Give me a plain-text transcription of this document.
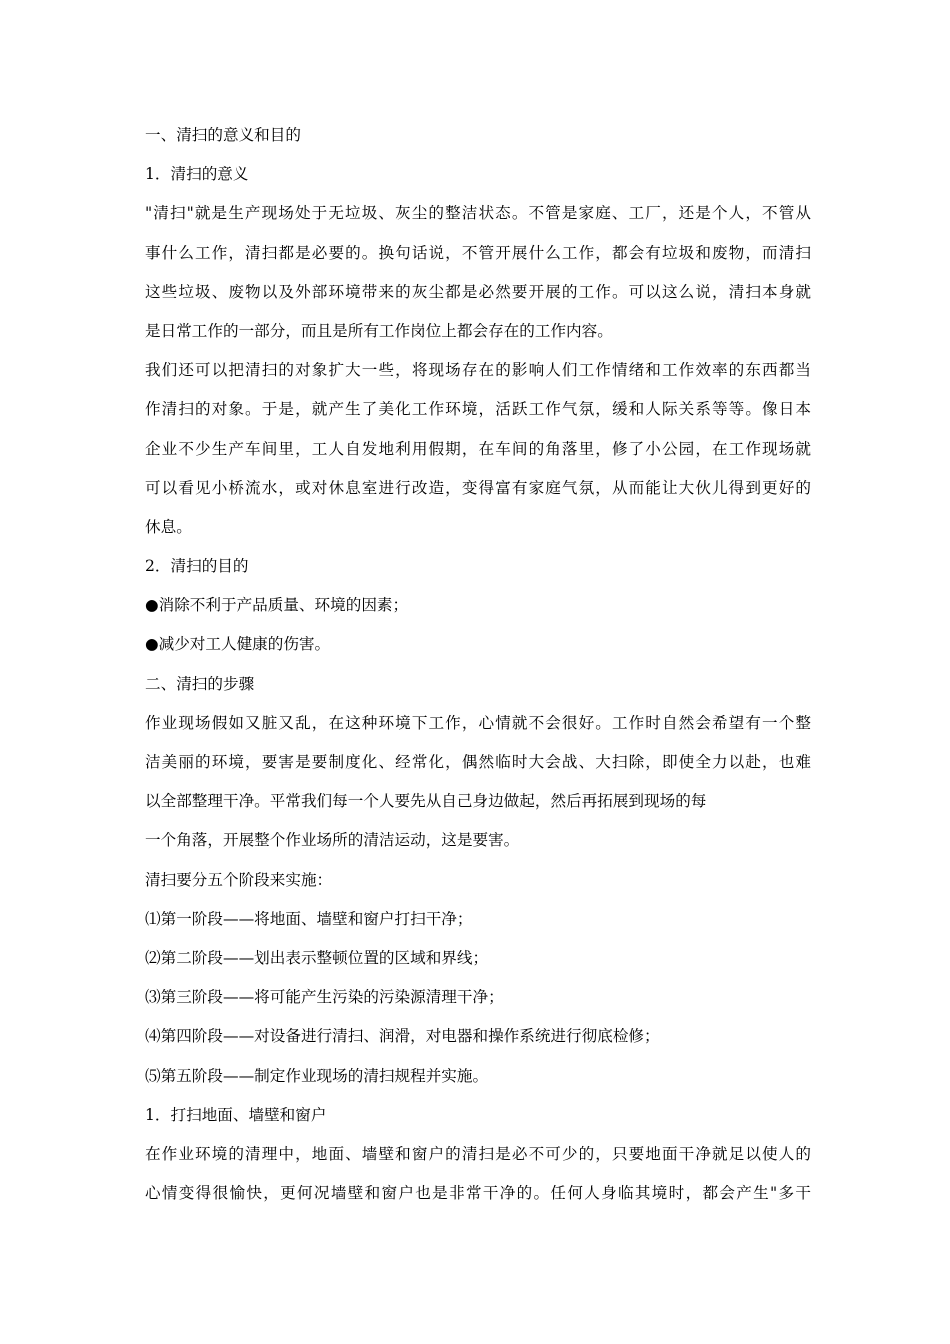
一、清扫的意义和目的
1．清扫的意义
"清扫"就是生产现场处于无垃圾、灰尘的整洁状态。不管是家庭、工厂，还是个人，不管从
事什么工作，清扫都是必要的。换句话说，不管开展什么工作，都会有垃圾和废物，而清扫
这些垃圾、废物以及外部环境带来的灰尘都是必然要开展的工作。可以这么说，清扫本身就
是日常工作的一部分，而且是所有工作岗位上都会存在的工作内容。
我们还可以把清扫的对象扩大一些，将现场存在的影响人们工作情绪和工作效率的东西都当
作清扫的对象。于是，就产生了美化工作环境，活跃工作气氛，缓和人际关系等等。像日本
企业不少生产车间里，工人自发地利用假期，在车间的角落里，修了小公园，在工作现场就
可以看见小桥流水，或对休息室进行改造，变得富有家庭气氛，从而能让大伙儿得到更好的
休息。
2．清扫的目的
●消除不利于产品质量、环境的因素；
●减少对工人健康的伤害。
二、清扫的步骤
作业现场假如又脏又乱，在这种环境下工作，心情就不会很好。工作时自然会希望有一个整
洁美丽的环境，要害是要制度化、经常化，偶然临时大会战、大扫除，即使全力以赴，也难
以全部整理干净。平常我们每一个人要先从自己身边做起，然后再拓展到现场的每
一个角落，开展整个作业场所的清洁运动，这是要害。
清扫要分五个阶段来实施：
⑴第一阶段——将地面、墙壁和窗户打扫干净；
⑵第二阶段——划出表示整顿位置的区域和界线；
⑶第三阶段——将可能产生污染的污染源清理干净；
⑷第四阶段——对设备进行清扫、润滑，对电器和操作系统进行彻底检修；
⑸第五阶段——制定作业现场的清扫规程并实施。
1．打扫地面、墙壁和窗户
在作业环境的清理中，地面、墙壁和窗户的清扫是必不可少的，只要地面干净就足以使人的
心情变得很愉快，更何况墙壁和窗户也是非常干净的。任何人身临其境时，都会产生"多干
